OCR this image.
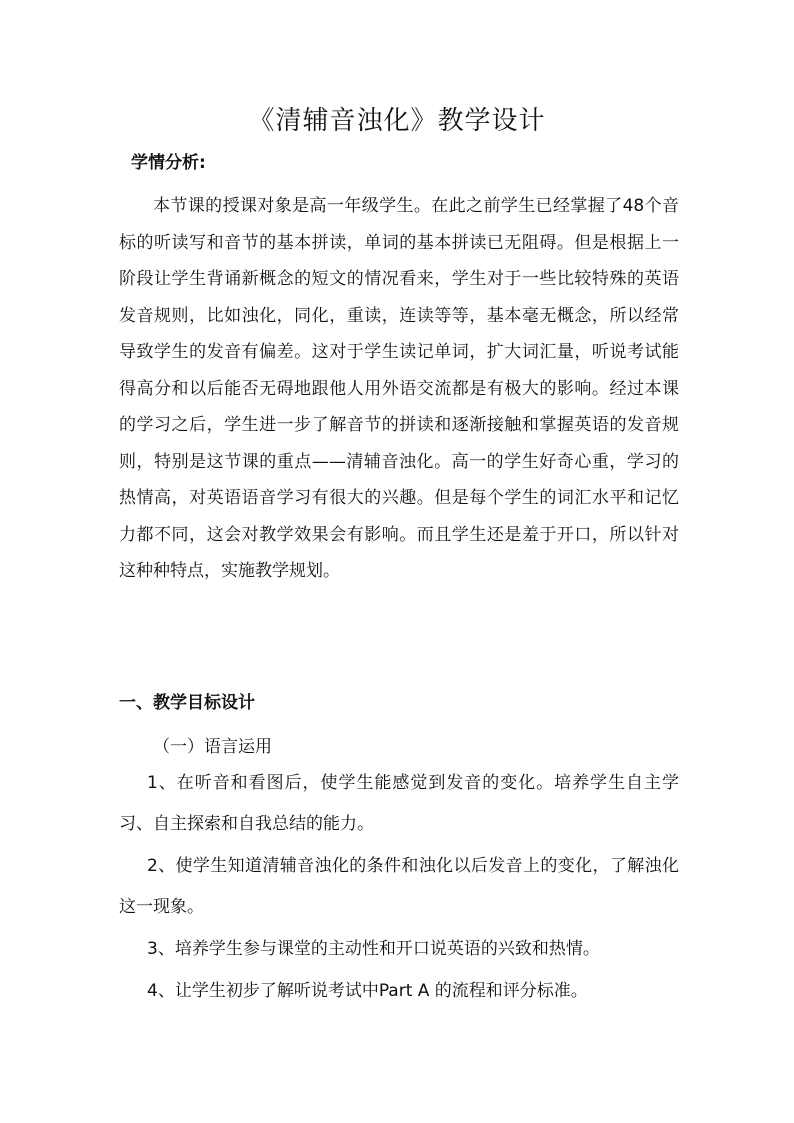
《清辅音浊化》教学设计

学情分析:

本节课的授课对象是高一年级学生。在此之前学生已经掌握了48个音标的听读写和音节的基本拼读，单词的基本拼读已无阻碍。但是根据上一阶段让学生背诵新概念的短文的情况看来，学生对于一些比较特殊的英语发音规则，比如浊化，同化，重读，连读等等，基本毫无概念，所以经常导致学生的发音有偏差。这对于学生读记单词，扩大词汇量，听说考试能得高分和以后能否无碍地跟他人用外语交流都是有极大的影响。经过本课的学习之后，学生进一步了解音节的拼读和逐渐接触和掌握英语的发音规则，特别是这节课的重点——清辅音浊化。高一的学生好奇心重，学习的热情高，对英语语音学习有很大的兴趣。但是每个学生的词汇水平和记忆力都不同，这会对教学效果会有影响。而且学生还是羞于开口，所以针对这种种特点，实施教学规划。

一、教学目标设计

（一）语言运用

1、在听音和看图后，使学生能感觉到发音的变化。培养学生自主学习、自主探索和自我总结的能力。

2、使学生知道清辅音浊化的条件和浊化以后发音上的变化，了解浊化这一现象。

3、培养学生参与课堂的主动性和开口说英语的兴致和热情。

4、让学生初步了解听说考试中Part A 的流程和评分标准。
